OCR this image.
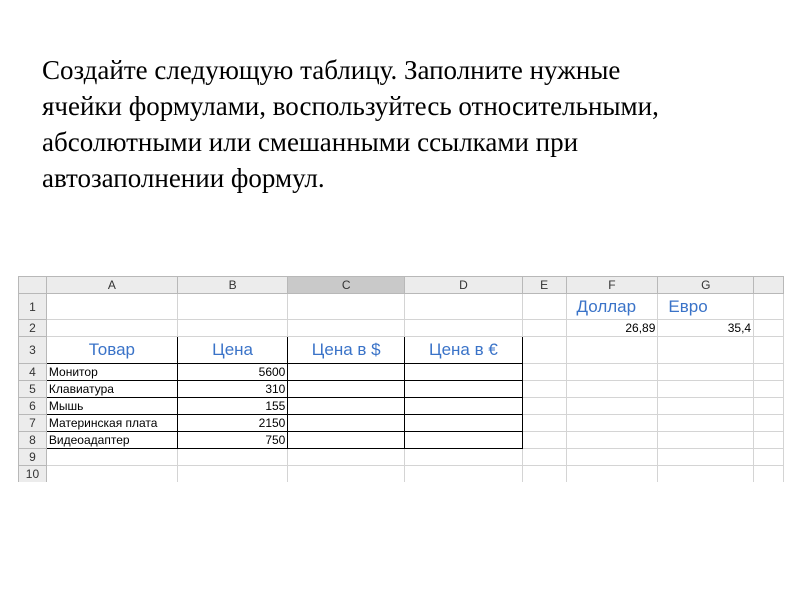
Создайте следующую таблицу. Заполните нужные
ячейки формулами, воспользуйтесь относительными,
абсолютными или смешанными ссылками при
автозаполнении формул.
	A	B	C	D	E	F	G	
1						Доллар	Евро	
2						26,89	35,4	
3	Товар	Цена	Цена в $	Цена в €				
4	Монитор	5600						
5	Клавиатура	310						
6	Мышь	155						
7	Материнская плата	2150						
8	Видеоадаптер	750						
9								
10								
